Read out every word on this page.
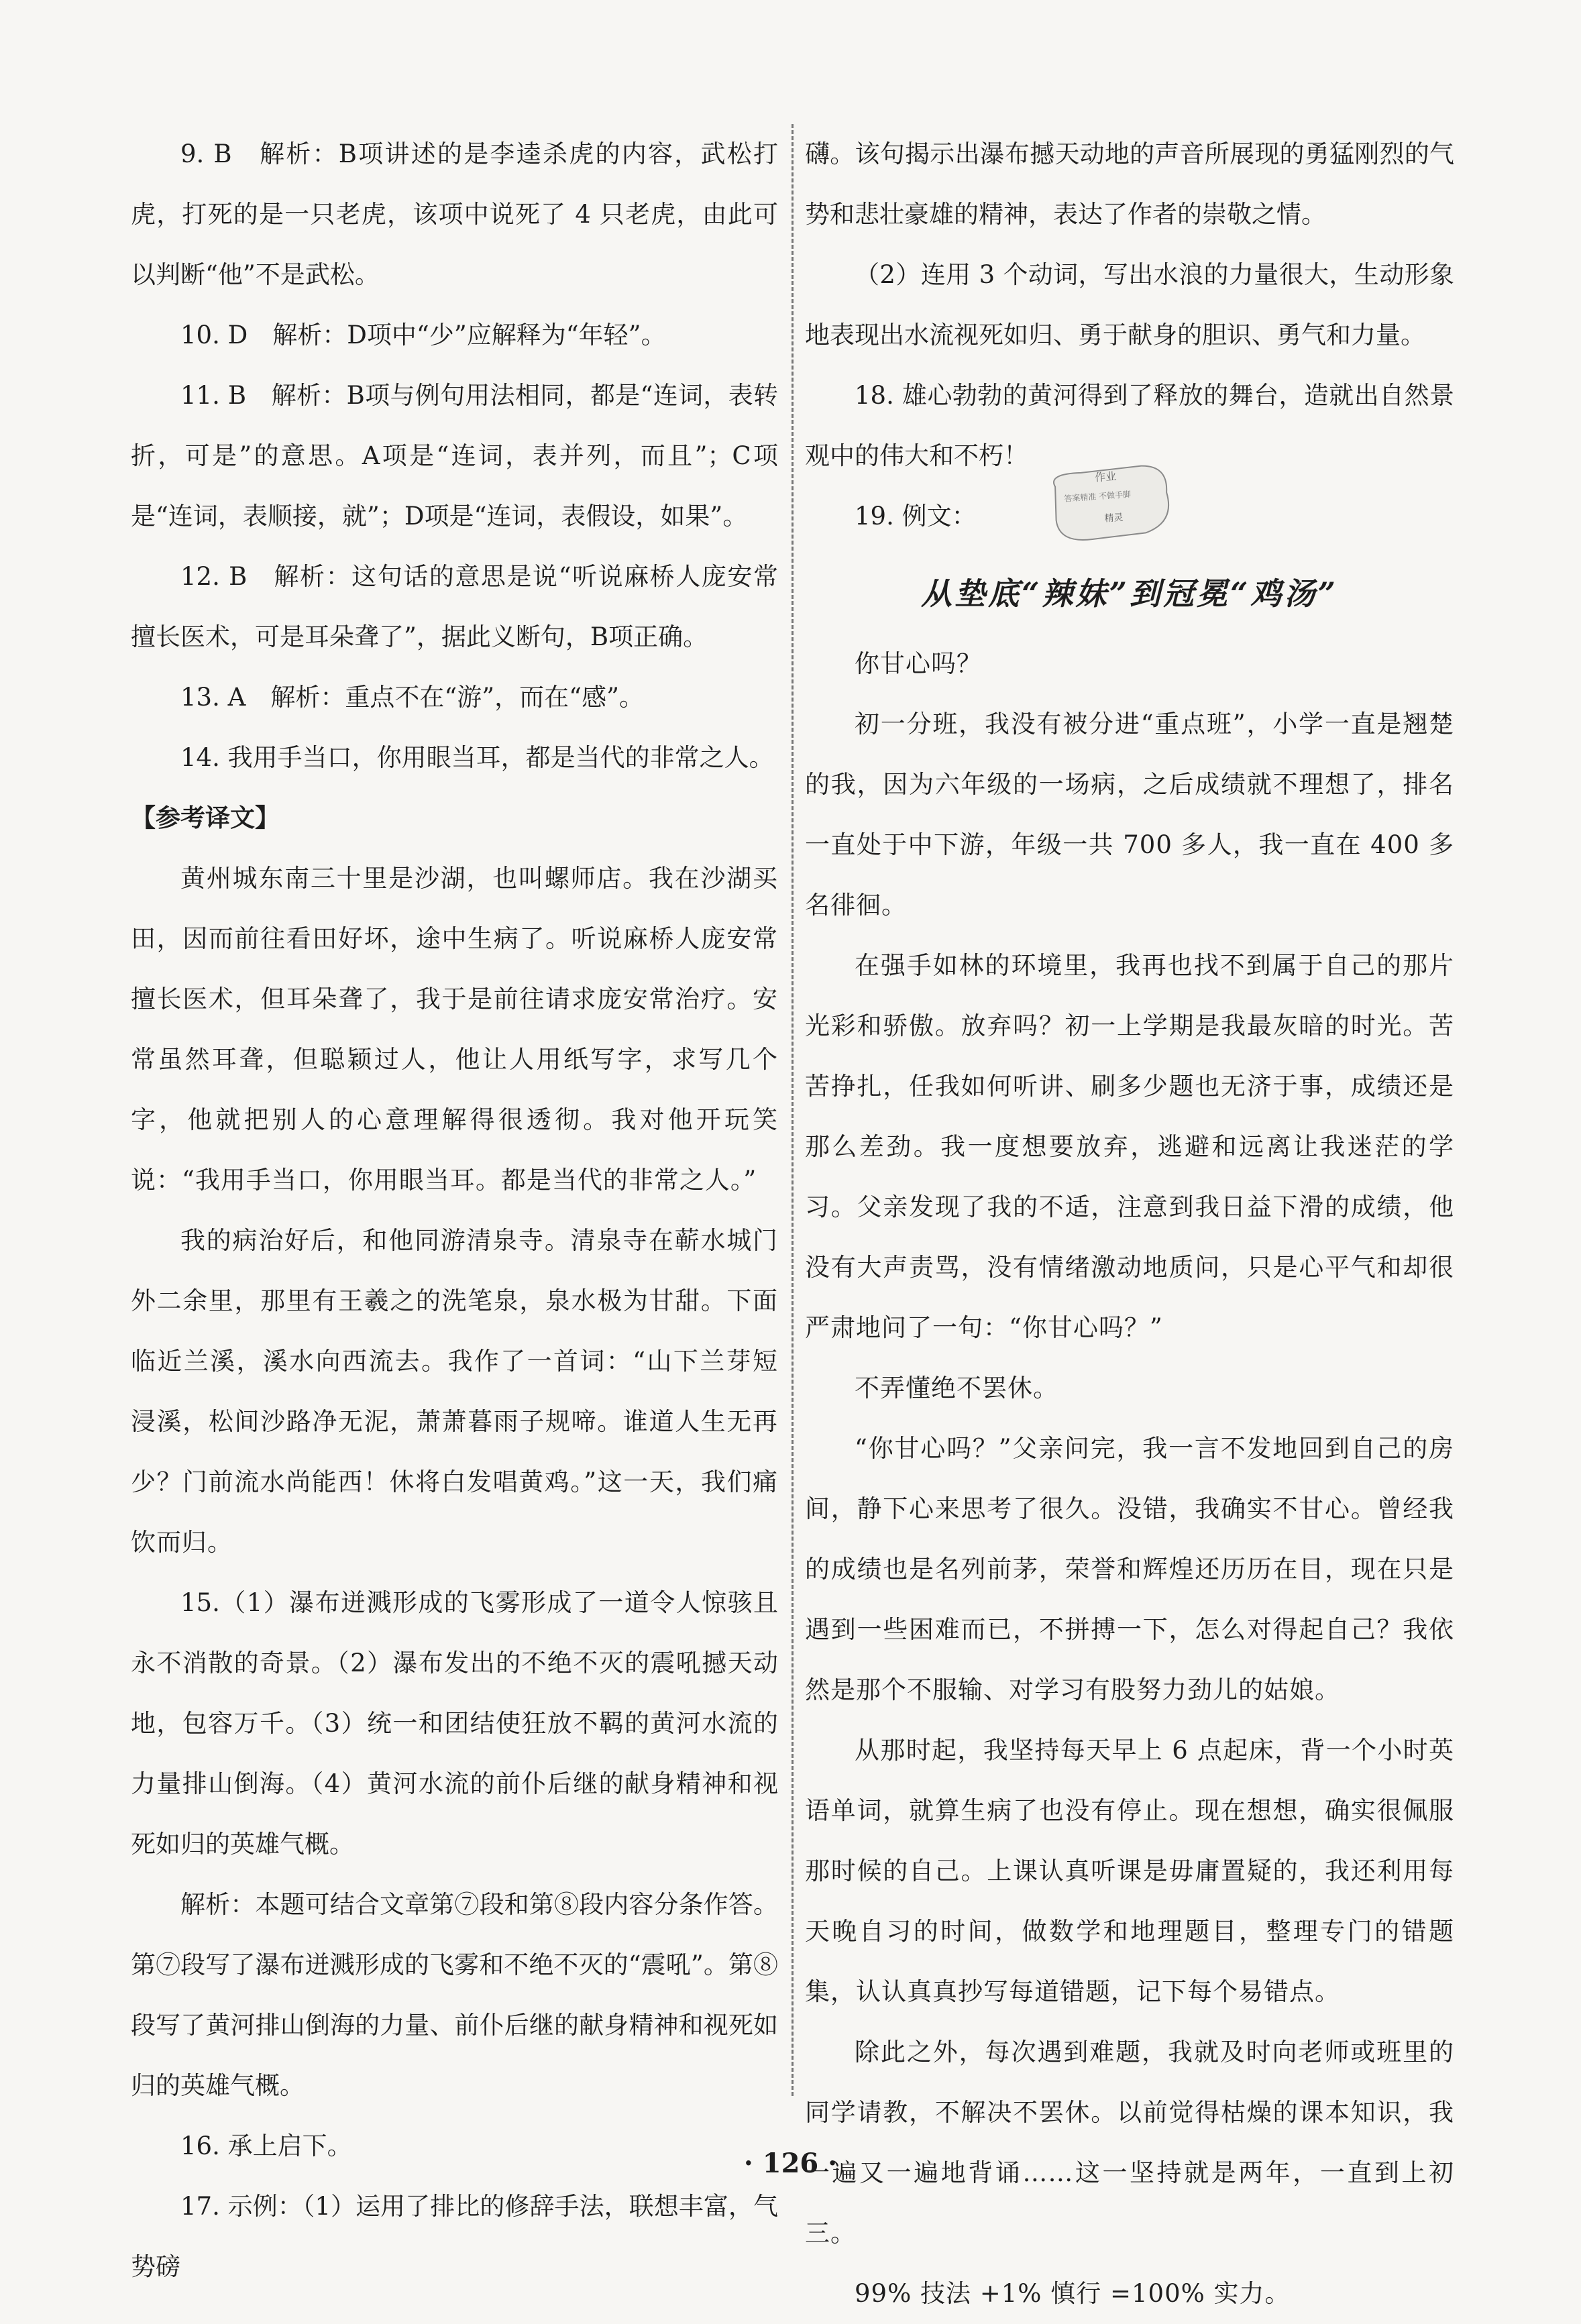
9. B　解析：B项讲述的是李逵杀虎的内容，武松打虎，打死的是一只老虎，该项中说死了 4 只老虎，由此可以判断“他”不是武松。

10. D　解析：D项中“少”应解释为“年轻”。

11. B　解析：B项与例句用法相同，都是“连词，表转折，可是”的意思。A项是“连词，表并列，而且”；C项是“连词，表顺接，就”；D项是“连词，表假设，如果”。

12. B　解析：这句话的意思是说“听说麻桥人庞安常擅长医术，可是耳朵聋了”，据此义断句，B项正确。

13. A　解析：重点不在“游”，而在“感”。

14. 我用手当口，你用眼当耳，都是当代的非常之人。

【参考译文】

黄州城东南三十里是沙湖，也叫螺师店。我在沙湖买田，因而前往看田好坏，途中生病了。听说麻桥人庞安常擅长医术，但耳朵聋了，我于是前往请求庞安常治疗。安常虽然耳聋，但聪颖过人，他让人用纸写字，求写几个字，他就把别人的心意理解得很透彻。我对他开玩笑说：“我用手当口，你用眼当耳。都是当代的非常之人。”

我的病治好后，和他同游清泉寺。清泉寺在蕲水城门外二余里，那里有王羲之的洗笔泉，泉水极为甘甜。下面临近兰溪，溪水向西流去。我作了一首词：“山下兰芽短浸溪，松间沙路净无泥，萧萧暮雨子规啼。谁道人生无再少？门前流水尚能西！休将白发唱黄鸡。”这一天，我们痛饮而归。

15.（1）瀑布迸溅形成的飞雾形成了一道令人惊骇且永不消散的奇景。（2）瀑布发出的不绝不灭的震吼撼天动地，包容万千。（3）统一和团结使狂放不羁的黄河水流的力量排山倒海。（4）黄河水流的前仆后继的献身精神和视死如归的英雄气概。

解析：本题可结合文章第⑦段和第⑧段内容分条作答。第⑦段写了瀑布迸溅形成的飞雾和不绝不灭的“震吼”。第⑧段写了黄河排山倒海的力量、前仆后继的献身精神和视死如归的英雄气概。

16. 承上启下。

17. 示例：（1）运用了排比的修辞手法，联想丰富，气势磅

礴。该句揭示出瀑布撼天动地的声音所展现的勇猛刚烈的气势和悲壮豪雄的精神，表达了作者的崇敬之情。

（2）连用 3 个动词，写出水浪的力量很大，生动形象地表现出水流视死如归、勇于献身的胆识、勇气和力量。

18. 雄心勃勃的黄河得到了释放的舞台，造就出自然景观中的伟大和不朽！

19. 例文：

从垫底“辣妹”到冠冕“鸡汤”

你甘心吗？

初一分班，我没有被分进“重点班”，小学一直是翘楚的我，因为六年级的一场病，之后成绩就不理想了，排名一直处于中下游，年级一共 700 多人，我一直在 400 多名徘徊。

在强手如林的环境里，我再也找不到属于自己的那片光彩和骄傲。放弃吗？初一上学期是我最灰暗的时光。苦苦挣扎，任我如何听讲、刷多少题也无济于事，成绩还是那么差劲。我一度想要放弃，逃避和远离让我迷茫的学习。父亲发现了我的不适，注意到我日益下滑的成绩，他没有大声责骂，没有情绪激动地质问，只是心平气和却很严肃地问了一句：“你甘心吗？”

不弄懂绝不罢休。

“你甘心吗？”父亲问完，我一言不发地回到自己的房间，静下心来思考了很久。没错，我确实不甘心。曾经我的成绩也是名列前茅，荣誉和辉煌还历历在目，现在只是遇到一些困难而已，不拼搏一下，怎么对得起自己？我依然是那个不服输、对学习有股努力劲儿的姑娘。

从那时起，我坚持每天早上 6 点起床，背一个小时英语单词，就算生病了也没有停止。现在想想，确实很佩服那时候的自己。上课认真听课是毋庸置疑的，我还利用每天晚自习的时间，做数学和地理题目，整理专门的错题集，认认真真抄写每道错题，记下每个易错点。

除此之外，每次遇到难题，我就及时向老师或班里的同学请教，不解决不罢休。以前觉得枯燥的课本知识，我一遍又一遍地背诵……这一坚持就是两年，一直到上初三。

99% 技法 +1% 慎行 =100% 实力。

作业
答案精准 不做手脚
精灵
· 126 ·
